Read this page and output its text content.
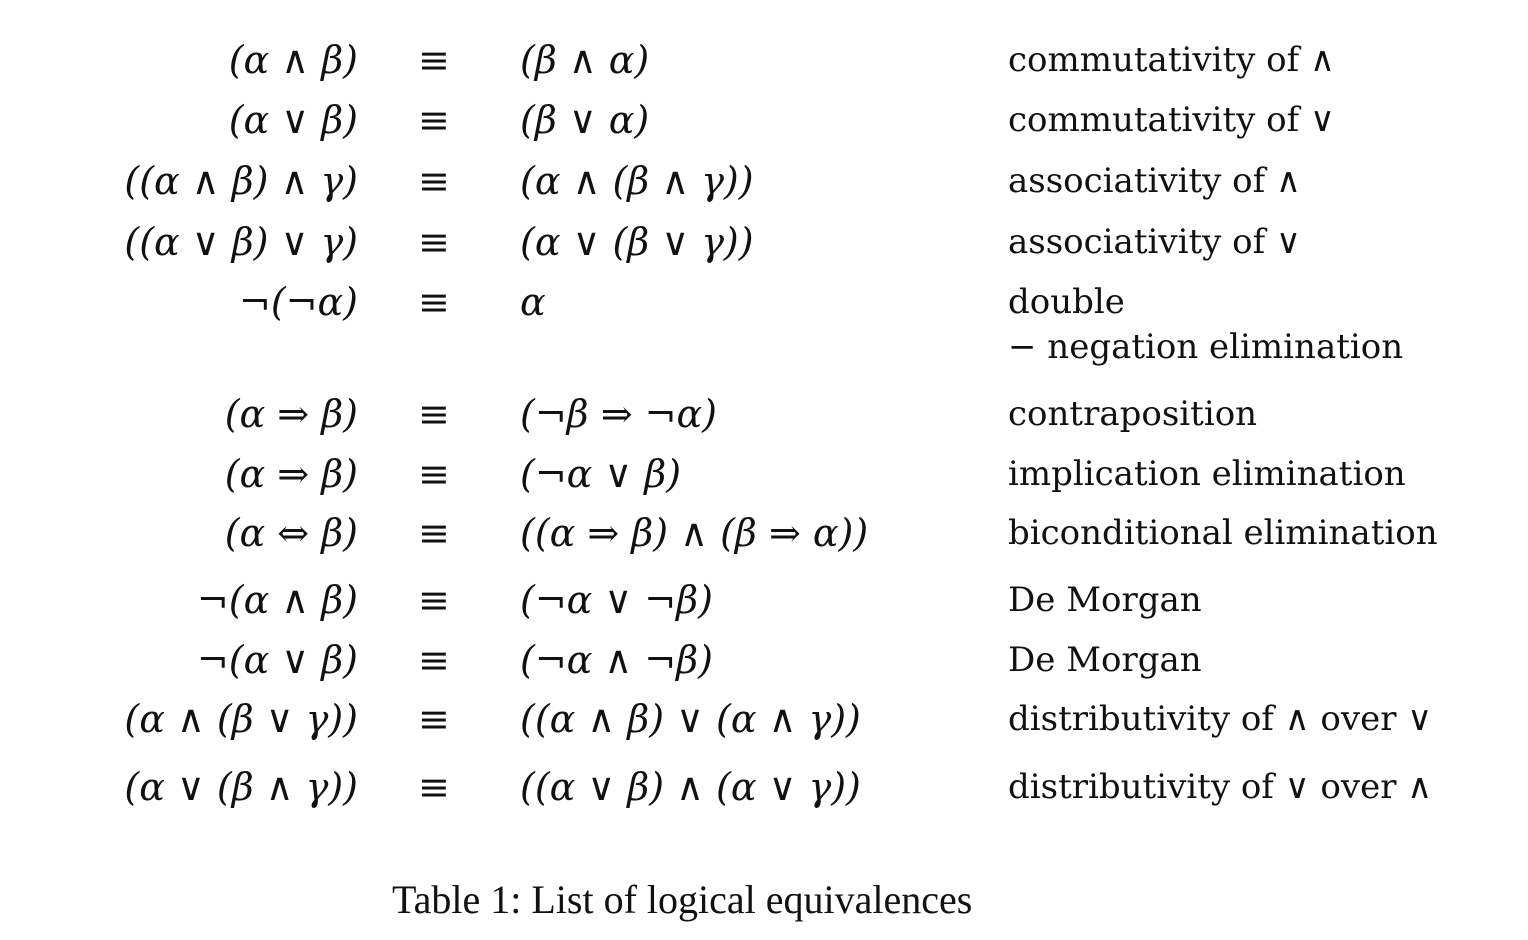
(α ∧ β) ≡ (β ∧ α)	commutativity of ∧
(α ∨ β) ≡ (β ∨ α)	commutativity of ∨
((α ∧ β) ∧ γ) ≡ (α ∧ (β ∧ γ))	associativity of ∧
((α ∨ β) ∨ γ) ≡ (α ∨ (β ∨ γ))	associativity of ∨
¬(¬α) ≡ α	double
− negation elimination
(α ⇒ β) ≡ (¬β ⇒ ¬α)	contraposition
(α ⇒ β) ≡ (¬α ∨ β)	implication elimination
(α ⇔ β) ≡ ((α ⇒ β) ∧ (β ⇒ α))	biconditional elimination
¬(α ∧ β) ≡ (¬α ∨ ¬β)	De Morgan
¬(α ∨ β) ≡ (¬α ∧ ¬β)	De Morgan
(α ∧ (β ∨ γ)) ≡ ((α ∧ β) ∨ (α ∧ γ))	distributivity of ∧ over ∨
(α ∨ (β ∧ γ)) ≡ ((α ∨ β) ∧ (α ∨ γ))	distributivity of ∨ over ∧
Table 1: List of logical equivalences
